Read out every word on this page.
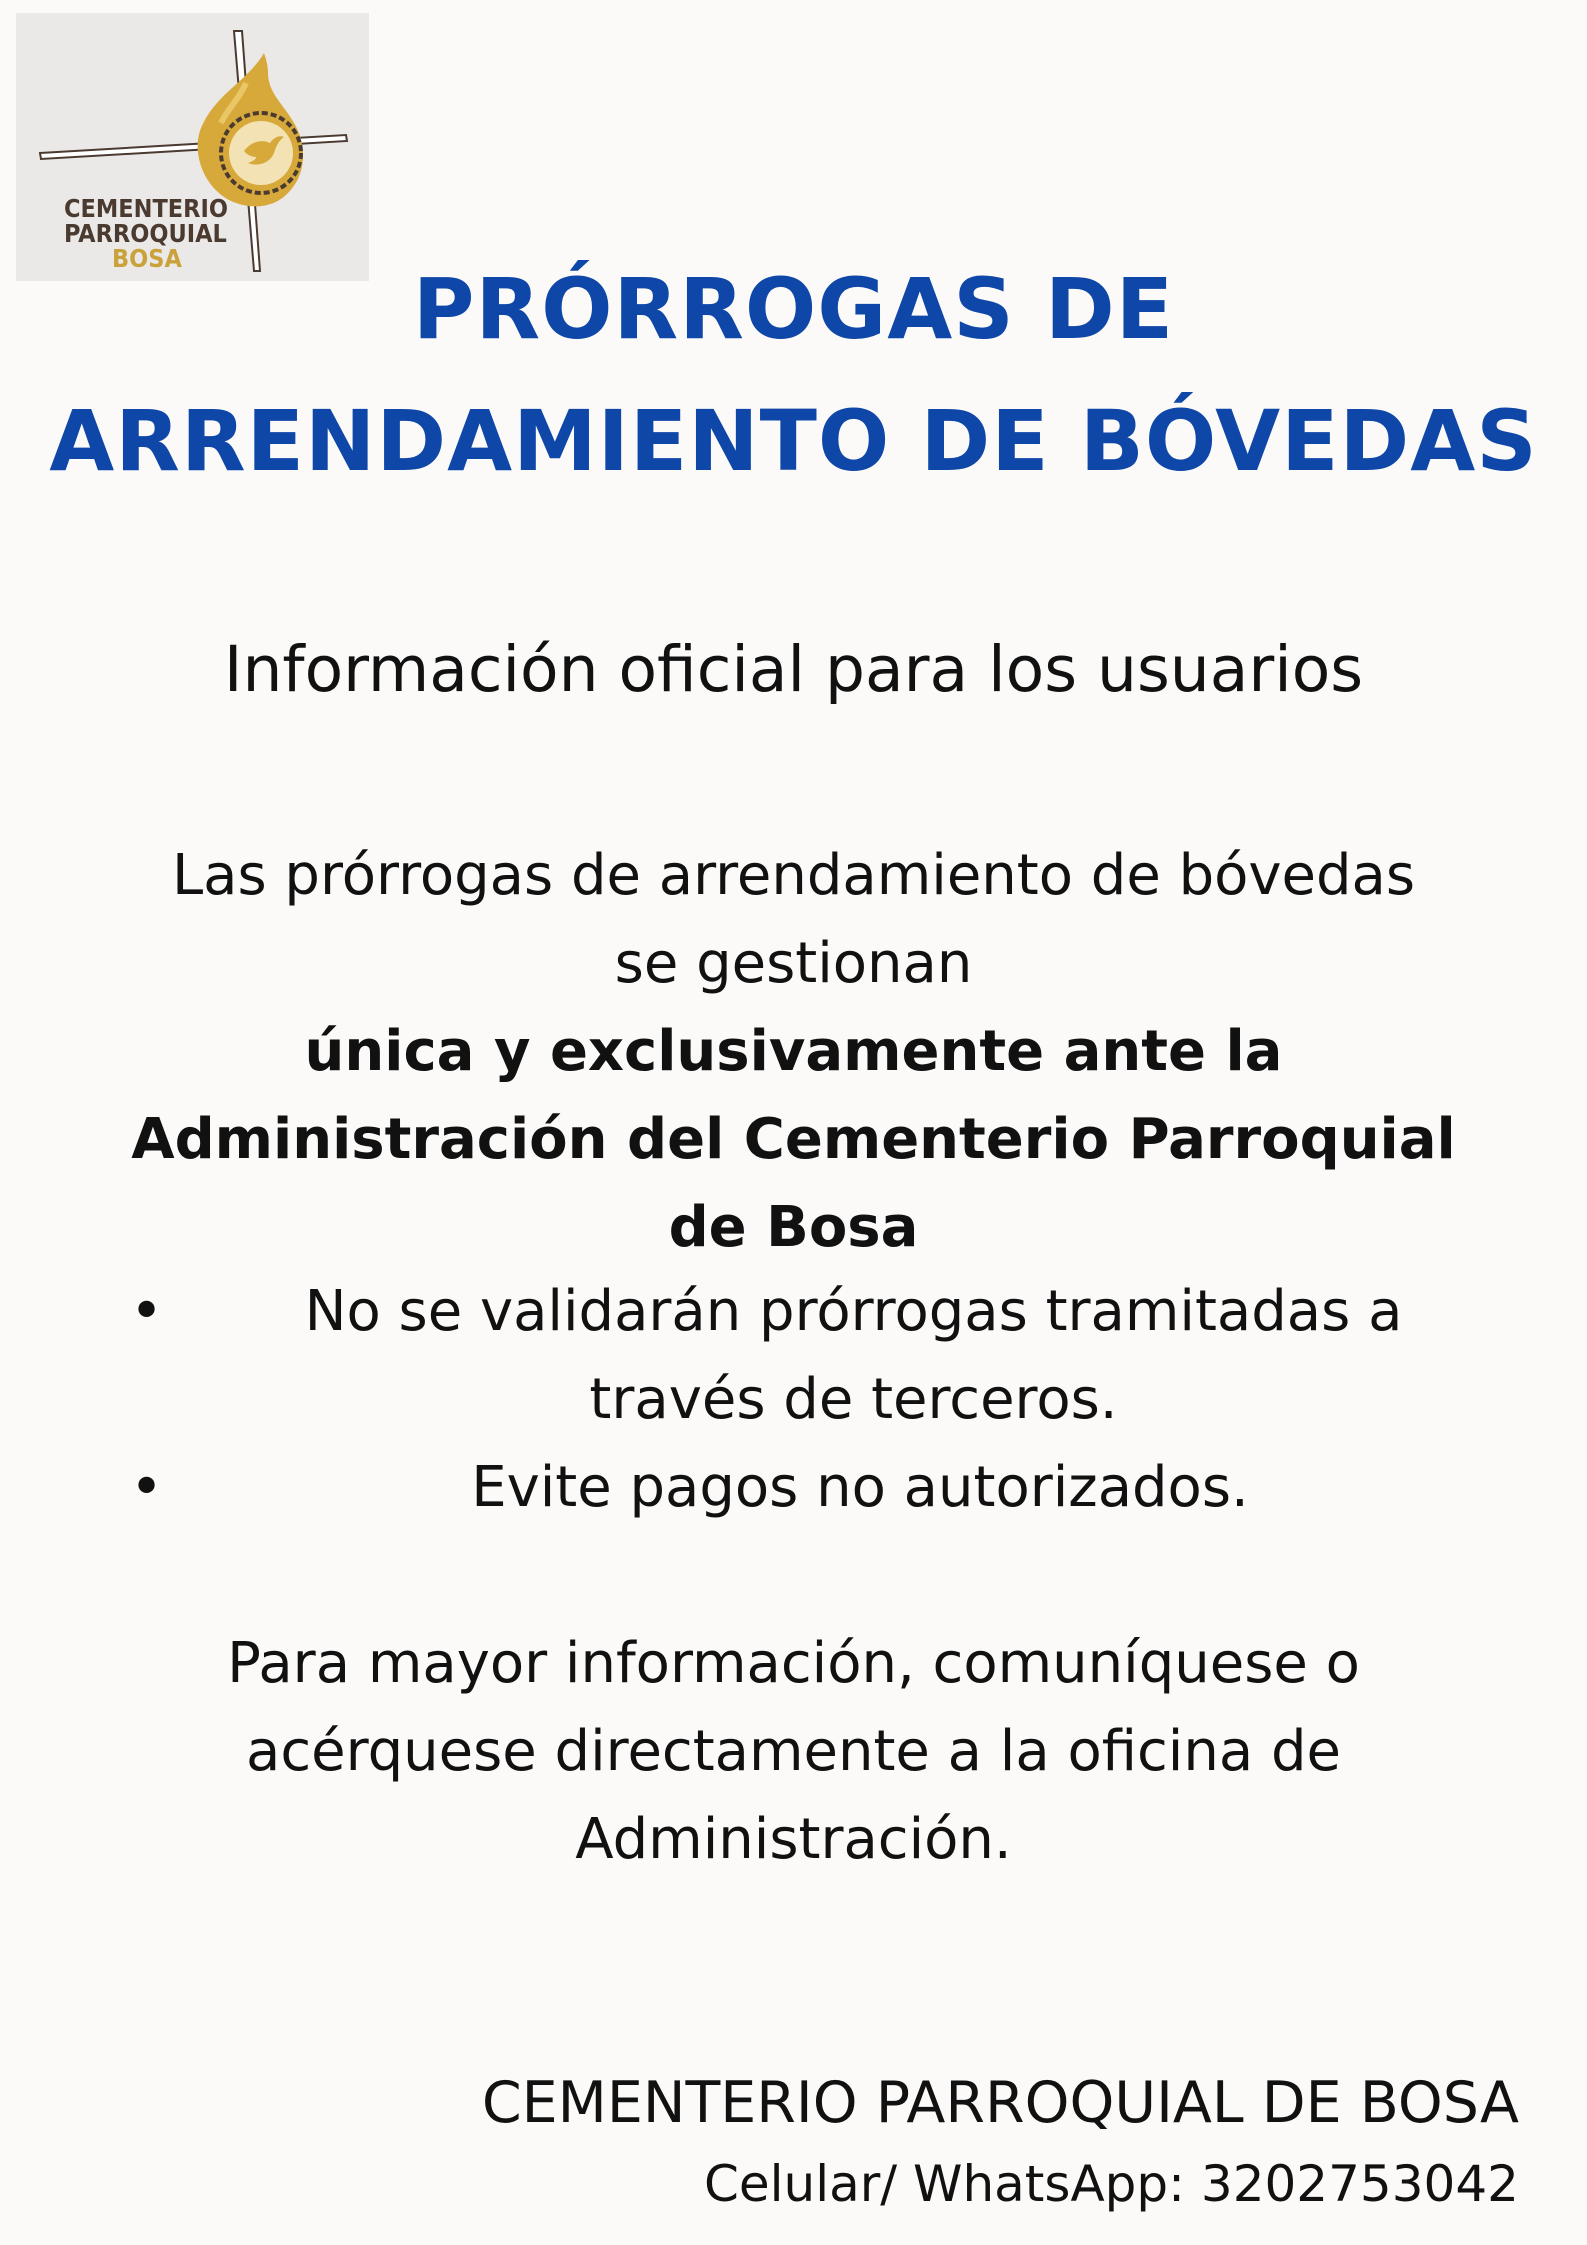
CEMENTERIO
PARROQUIAL
BOSA
PRÓRROGAS DE
ARRENDAMIENTO DE BÓVEDAS
Información oficial para los usuarios
Las prórrogas de arrendamiento de bóvedas
se gestionan
única y exclusivamente ante la
Administración del Cementerio Parroquial
de Bosa
•	No se validarán prórrogas tramitadas a
través de terceros.
•	Evite pagos no autorizados.
Para mayor información, comuníquese o
acérquese directamente a la oficina de
Administración.
CEMENTERIO PARROQUIAL DE BOSA
Celular/ WhatsApp: 3202753042
